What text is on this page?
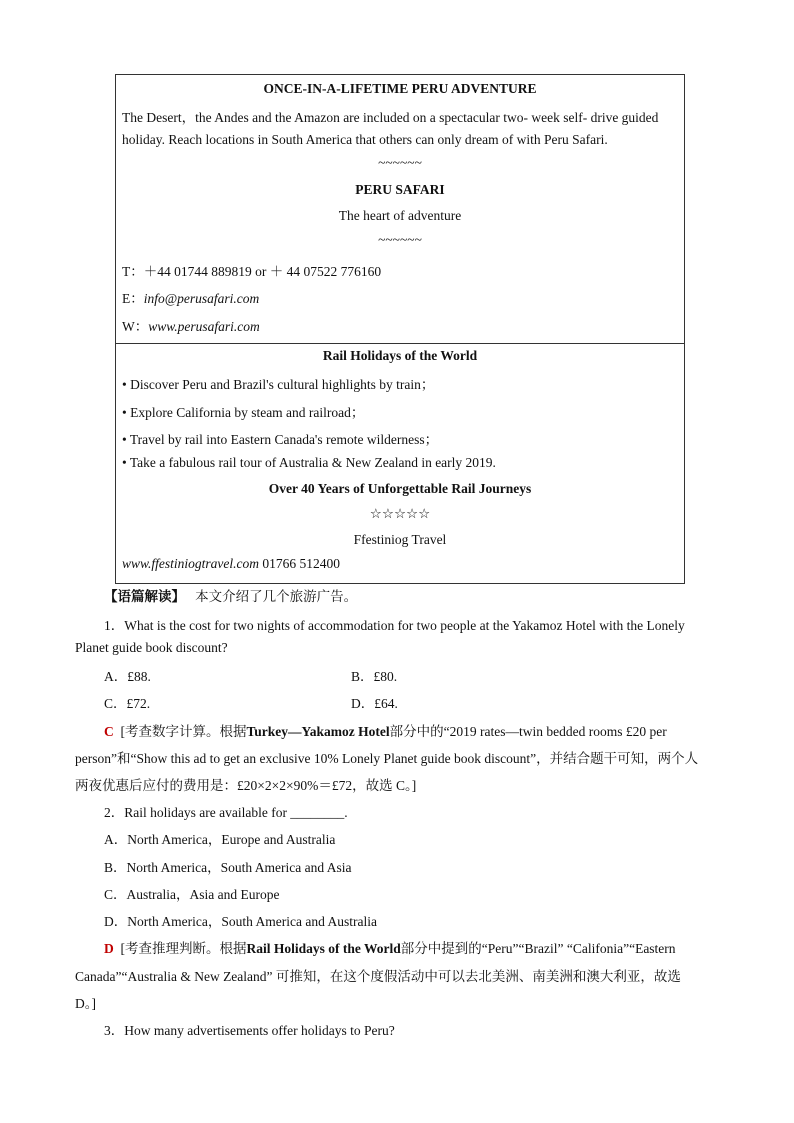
ONCE-IN-A-LIFETIME PERU ADVENTURE
The Desert，the Andes and the Amazon are included on a spectacular two- week self- drive guided
holiday. Reach locations in South America that others can only dream of with Peru Safari.
~~~~~~
PERU SAFARI
The heart of adventure
~~~~~~
T：＋44 01744 889819 or ＋ 44 07522 776160
E：info@perusafari.com
W：www.perusafari.com
Rail Holidays of the World
• Discover Peru and Brazil's cultural highlights by train；
• Explore California by steam and railroad；
• Travel by rail into Eastern Canada's remote wilderness；
• Take a fabulous rail tour of Australia & New Zealand in early 2019.
Over 40 Years of Unforgettable Rail Journeys
☆☆☆☆☆
Ffestiniog Travel
www.ffestiniogtravel.com 01766 512400
【语篇解读】 本文介绍了几个旅游广告。
1．What is the cost for two nights of accommodation for two people at the Yakamoz Hotel with the Lonely
Planet guide book discount?
A．£88.	B．£80.
C．£72.	D．£64.
C [考查数字计算。根据Turkey—Yakamoz Hotel部分中的“2019 rates—twin bedded rooms £20 per
person”和“Show this ad to get an exclusive 10% Lonely Planet guide book discount”，并结合题干可知，两个人
两夜优惠后应付的费用是：£20×2×2×90%＝£72，故选 C。]
2．Rail holidays are available for ________.
A．North America，Europe and Australia
B．North America，South America and Asia
C．Australia，Asia and Europe
D．North America，South America and Australia
D [考查推理判断。根据Rail Holidays of the World部分中提到的“Peru”“Brazil” “Califonia”“Eastern
Canada”“Australia & New Zealand” 可推知，在这个度假活动中可以去北美洲、南美洲和澳大利亚，故选
D。]
3．How many advertisements offer holidays to Peru?
